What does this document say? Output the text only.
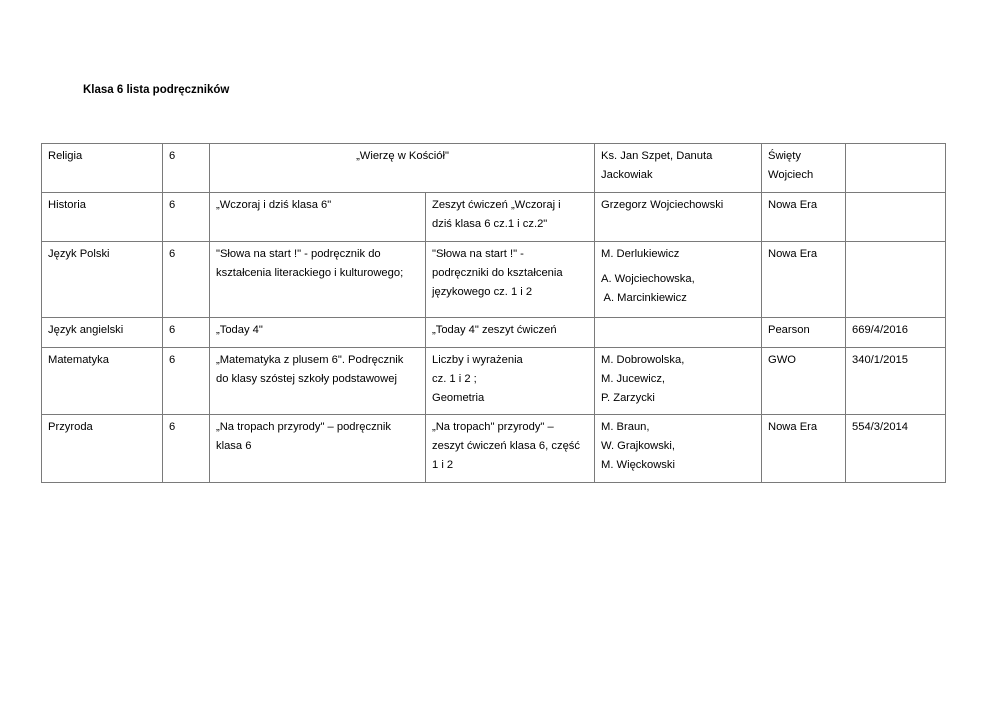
Klasa 6 lista podręczników
Religia	6	„Wierzę w Kościół"		Ks. Jan Szpet, Danuta
Jackowiak	Święty
Wojciech	

Historia	6	„Wczoraj i dziś klasa 6"	Zeszyt ćwiczeń „Wczoraj i
dziś klasa 6 cz.1 i cz.2"	Grzegorz Wojciechowski	Nowa Era	

Język Polski	6	"Słowa na start !" - podręcznik do
kształcenia literackiego i kulturowego;	"Słowa na start !" -
podręczniki do kształcenia
językowego cz. 1 i 2	M. Derlukiewicz
A. Wojciechowska,
A. Marcinkiewicz	Nowa Era	

Język angielski	6	„Today 4"	„Today 4" zeszyt ćwiczeń		Pearson	669/4/2016
Matematyka	6	„Matematyka z plusem 6". Podręcznik
do klasy szóstej szkoły podstawowej	Liczby i wyrażenia
cz. 1 i 2 ;
Geometria	M. Dobrowolska,
M. Jucewicz,
P. Zarzycki	GWO	340/1/2015
Przyroda	6	„Na tropach przyrody" – podręcznik
klasa 6	„Na tropach" przyrody" –
zeszyt ćwiczeń klasa 6, część
1 i 2	M. Braun,
W. Grajkowski,
M. Więckowski	Nowa Era	554/3/2014
